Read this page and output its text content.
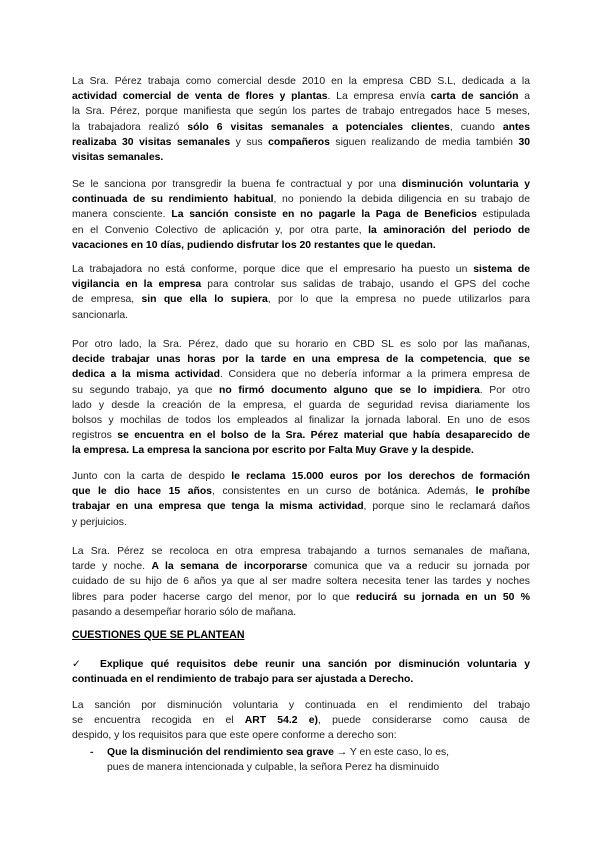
La Sra. Pérez trabaja como comercial desde 2010 en la empresa CBD S.L, dedicada a la
actividad comercial de venta de flores y plantas. La empresa envía carta de sanción a
la Sra. Pérez, porque manifiesta que según los partes de trabajo entregados hace 5 meses,
la trabajadora realizó sólo 6 visitas semanales a potenciales clientes, cuando antes
realizaba 30 visitas semanales y sus compañeros siguen realizando de media también 30
visitas semanales.
Se le sanciona por transgredir la buena fe contractual y por una disminución voluntaria y
continuada de su rendimiento habitual, no poniendo la debida diligencia en su trabajo de
manera consciente. La sanción consiste en no pagarle la Paga de Beneficios estipulada
en el Convenio Colectivo de aplicación y, por otra parte, la aminoración del periodo de
vacaciones en 10 días, pudiendo disfrutar los 20 restantes que le quedan.
La trabajadora no está conforme, porque dice que el empresario ha puesto un sistema de
vigilancia en la empresa para controlar sus salidas de trabajo, usando el GPS del coche
de empresa, sin que ella lo supiera, por lo que la empresa no puede utilizarlos para
sancionarla.
Por otro lado, la Sra. Pérez, dado que su horario en CBD SL es solo por las mañanas,
decide trabajar unas horas por la tarde en una empresa de la competencia, que se
dedica a la misma actividad. Considera que no debería informar a la primera empresa de
su segundo trabajo, ya que no firmó documento alguno que se lo impidiera. Por otro
lado y desde la creación de la empresa, el guarda de seguridad revisa diariamente los
bolsos y mochilas de todos los empleados al finalizar la jornada laboral. En uno de esos
registros se encuentra en el bolso de la Sra. Pérez material que había desaparecido de
la empresa. La empresa la sanciona por escrito por Falta Muy Grave y la despide.
Junto con la carta de despido le reclama 15.000 euros por los derechos de formación
que le dio hace 15 años, consistentes en un curso de botánica. Además, le prohíbe
trabajar en una empresa que tenga la misma actividad, porque sino le reclamará daños
y perjuicios.
La Sra. Pérez se recoloca en otra empresa trabajando a turnos semanales de mañana,
tarde y noche. A la semana de incorporarse comunica que va a reducir su jornada por
cuidado de su hijo de 6 años ya que al ser madre soltera necesita tener las tardes y noches
libres para poder hacerse cargo del menor, por lo que reducirá su jornada en un 50 %
pasando a desempeñar horario sólo de mañana.

CUESTIONES QUE SE PLANTEAN

✓ Explique qué requisitos debe reunir una sanción por disminución voluntaria y
continuada en el rendimiento de trabajo para ser ajustada a Derecho.
La sanción por disminución voluntaria y continuada en el rendimiento del trabajo
se encuentra recogida en el ART 54.2 e), puede considerarse como causa de
despido, y los requisitos para que este opere conforme a derecho son:
- Que la disminución del rendimiento sea grave → Y en este caso, lo es,
pues de manera intencionada y culpable, la señora Perez ha disminuido
